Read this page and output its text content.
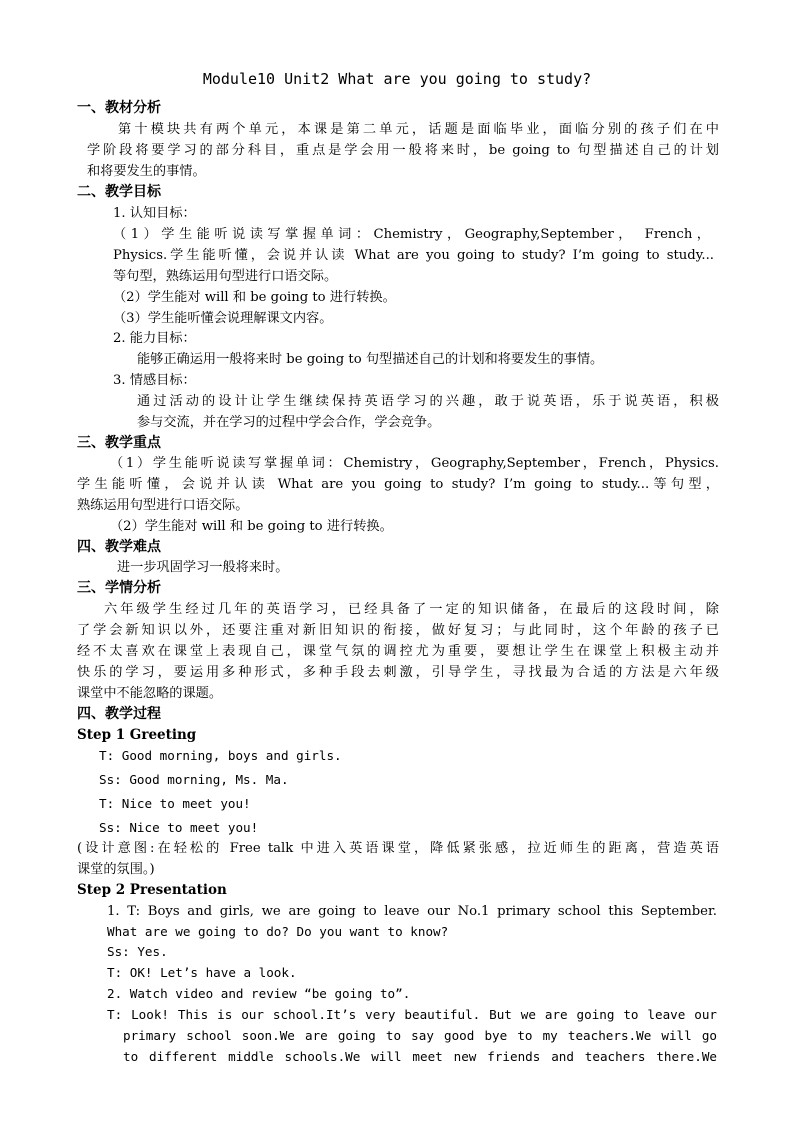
Module10 Unit2 What are you going to study?
一、教材分析
第十模块共有两个单元，本课是第二单元，话题是面临毕业，面临分别的孩子们在中
学阶段将要学习的部分科目，重点是学会用一般将来时，be going to 句型描述自己的计划
和将要发生的事情。
二、教学目标
1. 认知目标：
（1）学生能听说读写掌握单词：Chemistry，Geography,September， French，
Physics.学生能听懂，会说并认读 What are you going to study? I’m going to study...
等句型，熟练运用句型进行口语交际。
（2）学生能对 will 和 be going to 进行转换。
（3）学生能听懂会说理解课文内容。
2. 能力目标：
能够正确运用一般将来时 be going to 句型描述自己的计划和将要发生的事情。
3. 情感目标：
通过活动的设计让学生继续保持英语学习的兴趣，敢于说英语，乐于说英语，积极
参与交流，并在学习的过程中学会合作，学会竞争。
三、教学重点
（1）学生能听说读写掌握单词：Chemistry，Geography,September，French，Physics.
学生能听懂，会说并认读 What are you going to study? I’m going to study...等句型，
熟练运用句型进行口语交际。
（2）学生能对 will 和 be going to 进行转换。
四、教学难点
进一步巩固学习一般将来时。
三、学情分析
六年级学生经过几年的英语学习，已经具备了一定的知识储备，在最后的这段时间，除
了学会新知识以外，还要注重对新旧知识的衔接，做好复习；与此同时，这个年龄的孩子已
经不太喜欢在课堂上表现自己，课堂气氛的调控尤为重要，要想让学生在课堂上积极主动并
快乐的学习，要运用多种形式，多种手段去刺激，引导学生，寻找最为合适的方法是六年级
课堂中不能忽略的课题。
四、教学过程
Step 1 Greeting
T: Good morning, boys and girls.
Ss: Good morning, Ms. Ma.
T: Nice to meet you!
Ss: Nice to meet you!
(设计意图:在轻松的 Free talk 中进入英语课堂，降低紧张感，拉近师生的距离，营造英语
课堂的氛围。)
Step 2 Presentation
1. T: Boys and girls, we are going to leave our No.1 primary school this September.
What are we going to do? Do you want to know?
Ss: Yes.
T: OK! Let’s have a look.
2. Watch video and review “be going to”.
T: Look! This is our school.It’s very beautiful. But we are going to leave our
primary school soon.We are going to say good bye to my teachers.We will go
to different middle schools.We will meet new friends and teachers there.We
